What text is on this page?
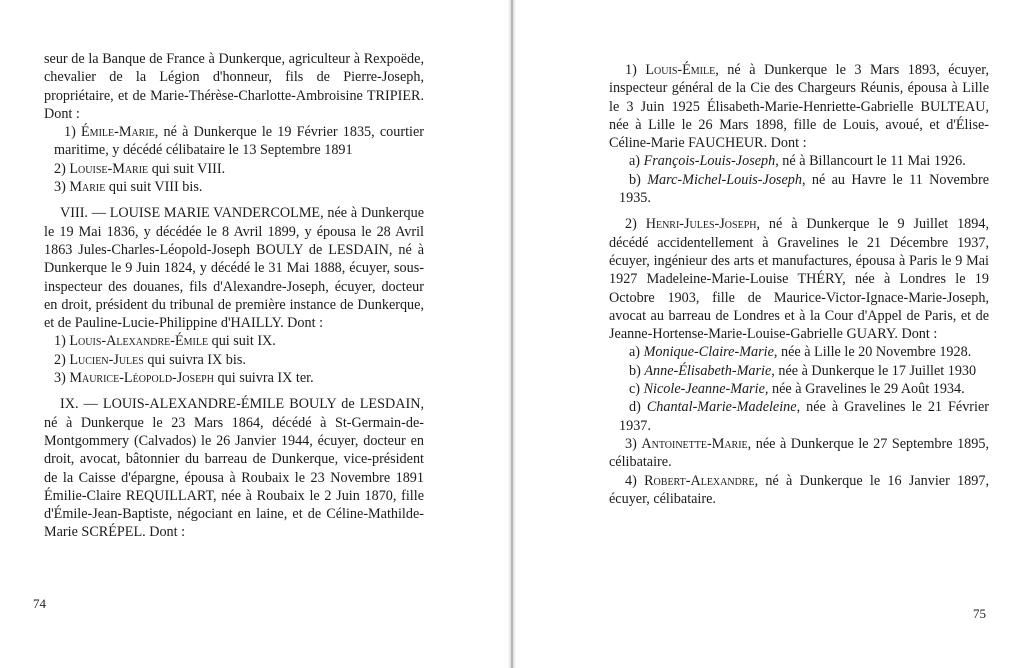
seur de la Banque de France à Dunkerque, agriculteur à Rexpoëde, chevalier de la Légion d'honneur, fils de Pierre-Joseph, propriétaire, et de Marie-Thérèse-Charlotte-Ambroisine TRIPIER. Dont :

1) Émile-Marie, né à Dunkerque le 19 Février 1835, courtier maritime, y décédé célibataire le 13 Septembre 1891

2) Louise-Marie qui suit VIII.

3) Marie qui suit VIII bis.

VIII. — LOUISE MARIE VANDERCOLME, née à Dunkerque le 19 Mai 1836, y décédée le 8 Avril 1899, y épousa le 28 Avril 1863 Jules-Charles-Léopold-Joseph BOULY de LESDAIN, né à Dunkerque le 9 Juin 1824, y décédé le 31 Mai 1888, écuyer, sous-inspecteur des douanes, fils d'Alexandre-Joseph, écuyer, docteur en droit, président du tribunal de première instance de Dunkerque, et de Pauline-Lucie-Philippine d'HAILLY. Dont :

1) Louis-Alexandre-Émile qui suit IX.

2) Lucien-Jules qui suivra IX bis.

3) Maurice-Léopold-Joseph qui suivra IX ter.

IX. — LOUIS-ALEXANDRE-ÉMILE BOULY de LESDAIN, né à Dunkerque le 23 Mars 1864, décédé à St-Germain-de-Montgommery (Calvados) le 26 Janvier 1944, écuyer, docteur en droit, avocat, bâtonnier du barreau de Dunkerque, vice-président de la Caisse d'épargne, épousa à Roubaix le 23 Novembre 1891 Émilie-Claire REQUILLART, née à Roubaix le 2 Juin 1870, fille d'Émile-Jean-Baptiste, négociant en laine, et de Céline-Mathilde-Marie SCRÉPEL. Dont :

74

1) Louis-Émile, né à Dunkerque le 3 Mars 1893, écuyer, inspecteur général de la Cie des Chargeurs Réunis, épousa à Lille le 3 Juin 1925 Élisabeth-Marie-Henriette-Gabrielle BULTEAU, née à Lille le 26 Mars 1898, fille de Louis, avoué, et d'Élise-Céline-Marie FAUCHEUR. Dont :

a) François-Louis-Joseph, né à Billancourt le 11 Mai 1926.

b) Marc-Michel-Louis-Joseph, né au Havre le 11 Novembre 1935.

2) Henri-Jules-Joseph, né à Dunkerque le 9 Juillet 1894, décédé accidentellement à Gravelines le 21 Décembre 1937, écuyer, ingénieur des arts et manufactures, épousa à Paris le 9 Mai 1927 Madeleine-Marie-Louise THÉRY, née à Londres le 19 Octobre 1903, fille de Maurice-Victor-Ignace-Marie-Joseph, avocat au barreau de Londres et à la Cour d'Appel de Paris, et de Jeanne-Hortense-Marie-Louise-Gabrielle GUARY. Dont :

a) Monique-Claire-Marie, née à Lille le 20 Novembre 1928.

b) Anne-Élisabeth-Marie, née à Dunkerque le 17 Juillet 1930

c) Nicole-Jeanne-Marie, née à Gravelines le 29 Août 1934.

d) Chantal-Marie-Madeleine, née à Gravelines le 21 Février 1937.

3) Antoinette-Marie, née à Dunkerque le 27 Septembre 1895, célibataire.

4) Robert-Alexandre, né à Dunkerque le 16 Janvier 1897, écuyer, célibataire.

75
